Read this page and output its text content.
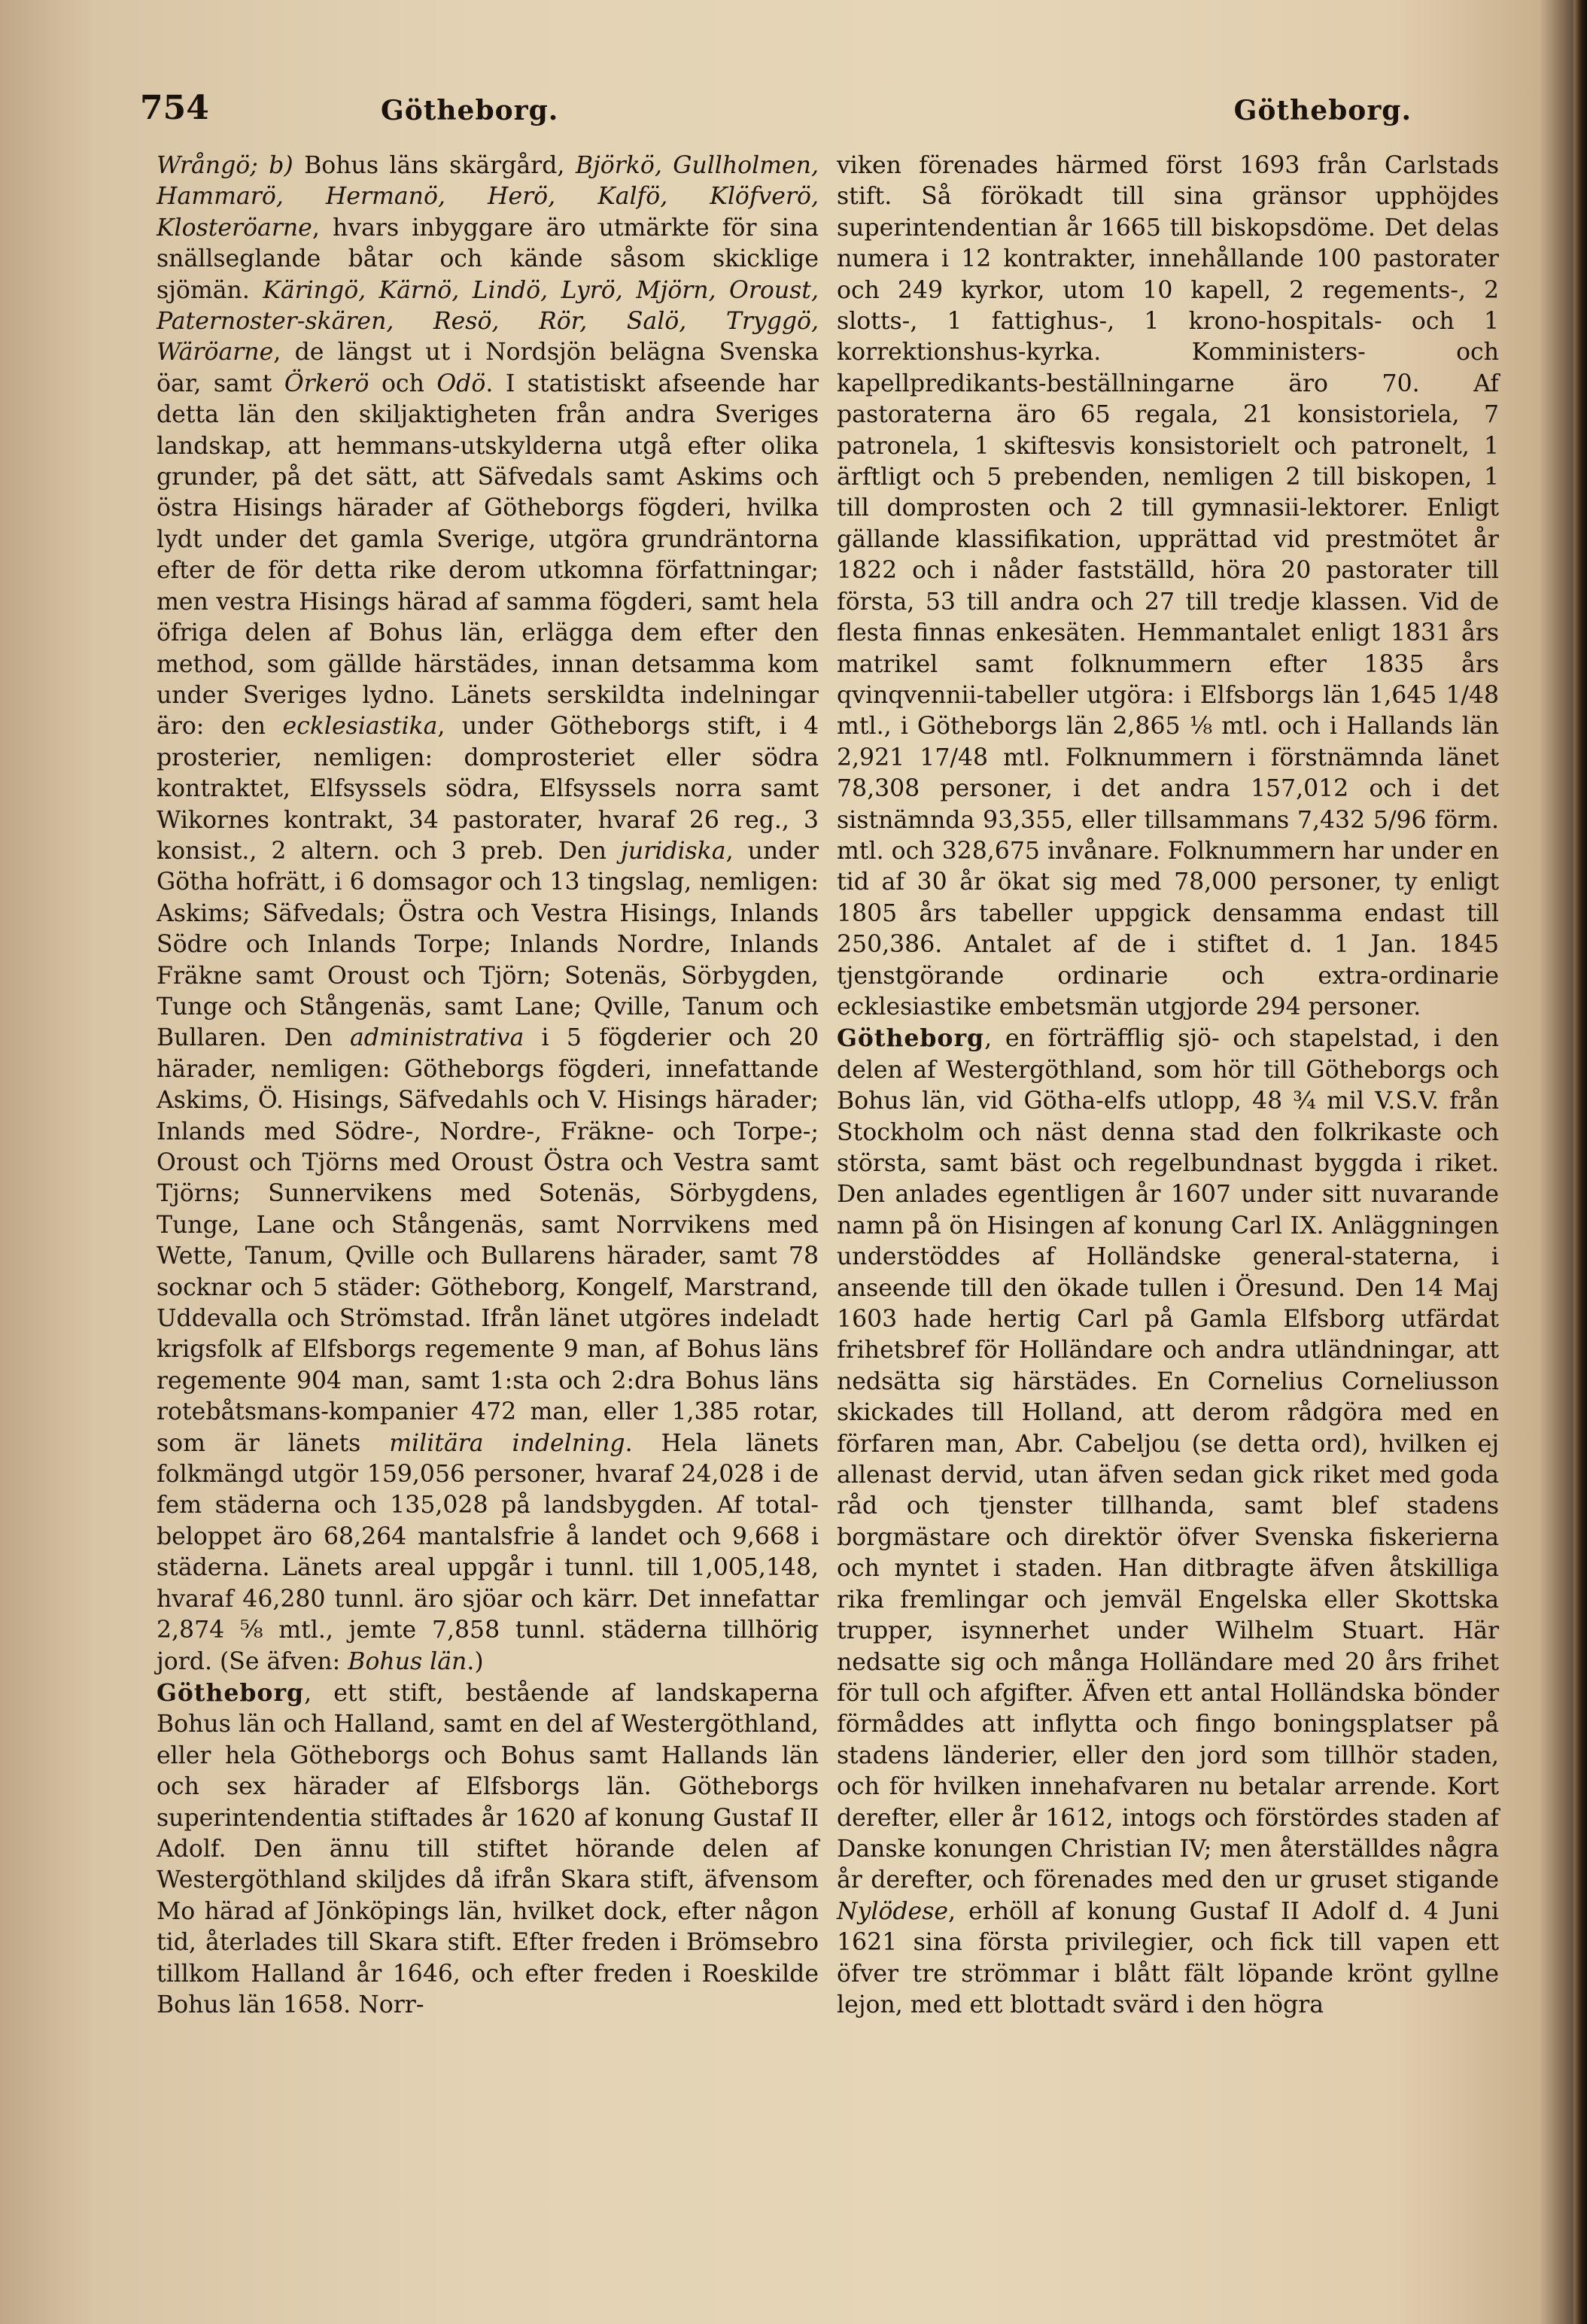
754	Götheborg.	Götheborg.

Wrångö; b) Bohus läns skärgård, Björkö, Gullholmen, Hammarö, Hermanö, Herö, Kalfö, Klöfverö, Klosteröarne, hvars inbyggare äro utmärkte för sina snällseglande båtar och kände såsom skicklige sjömän. Käringö, Kärnö, Lindö, Lyrö, Mjörn, Oroust, Paternoster-skären, Resö, Rör, Salö, Tryggö, Wäröarne, de längst ut i Nordsjön belägna Svenska öar, samt Örkerö och Odö. I statistiskt afseende har detta län den skiljaktigheten från andra Sveriges landskap, att hemmans-utskylderna utgå efter olika grunder, på det sätt, att Säfvedals samt Askims och östra Hisings härader af Götheborgs fögderi, hvilka lydt under det gamla Sverige, utgöra grundräntorna efter de för detta rike derom utkomna författningar; men vestra Hisings härad af samma fögderi, samt hela öfriga delen af Bohus län, erlägga dem efter den method, som gällde härstädes, innan detsamma kom under Sveriges lydno. Länets serskildta indelningar äro: den ecklesiastika, under Götheborgs stift, i 4 prosterier, nemligen: domprosteriet eller södra kontraktet, Elfsyssels södra, Elfsyssels norra samt Wikornes kontrakt, 34 pastorater, hvaraf 26 reg., 3 konsist., 2 altern. och 3 preb. Den juridiska, under Götha hofrätt, i 6 domsagor och 13 tingslag, nemligen: Askims; Säfvedals; Östra och Vestra Hisings, Inlands Södre och Inlands Torpe; Inlands Nordre, Inlands Fräkne samt Oroust och Tjörn; Sotenäs, Sörbygden, Tunge och Stångenäs, samt Lane; Qville, Tanum och Bullaren. Den administrativa i 5 fögderier och 20 härader, nemligen: Götheborgs fögderi, innefattande Askims, Ö. Hisings, Säfvedahls och V. Hisings härader; Inlands med Södre-, Nordre-, Fräkne- och Torpe-; Oroust och Tjörns med Oroust Östra och Vestra samt Tjörns; Sunnervikens med Sotenäs, Sörbygdens, Tunge, Lane och Stångenäs, samt Norrvikens med Wette, Tanum, Qville och Bullarens härader, samt 78 socknar och 5 städer: Götheborg, Kongelf, Marstrand, Uddevalla och Strömstad. Ifrån länet utgöres indeladt krigsfolk af Elfsborgs regemente 9 man, af Bohus läns regemente 904 man, samt 1:sta och 2:dra Bohus läns rotebåtsmans-kompanier 472 man, eller 1,385 rotar, som är länets militära indelning. Hela länets folkmängd utgör 159,056 personer, hvaraf 24,028 i de fem städerna och 135,028 på landsbygden. Af total-beloppet äro 68,264 mantalsfrie å landet och 9,668 i städerna. Länets areal uppgår i tunnl. till 1,005,148, hvaraf 46,280 tunnl. äro sjöar och kärr. Det innefattar 2,874 ⅝ mtl., jemte 7,858 tunnl. städerna tillhörig jord. (Se äfven: Bohus län.)

Götheborg, ett stift, bestående af landskaperna Bohus län och Halland, samt en del af Westergöthland, eller hela Götheborgs och Bohus samt Hallands län och sex härader af Elfsborgs län. Götheborgs superintendentia stiftades år 1620 af konung Gustaf II Adolf. Den ännu till stiftet hörande delen af Westergöthland skiljdes då ifrån Skara stift, äfvensom Mo härad af Jönköpings län, hvilket dock, efter någon tid, återlades till Skara stift. Efter freden i Brömsebro tillkom Halland år 1646, och efter freden i Roeskilde Bohus län 1658. Norr-

viken förenades härmed först 1693 från Carlstads stift. Så förökadt till sina gränsor upphöjdes superintendentian år 1665 till biskopsdöme. Det delas numera i 12 kontrakter, innehållande 100 pastorater och 249 kyrkor, utom 10 kapell, 2 regements-, 2 slotts-, 1 fattighus-, 1 krono-hospitals- och 1 korrektionshus-kyrka. Komministers- och kapellpredikants-beställningarne äro 70. Af pastoraterna äro 65 regala, 21 konsistoriela, 7 patronela, 1 skiftesvis konsistorielt och patronelt, 1 ärftligt och 5 prebenden, nemligen 2 till biskopen, 1 till domprosten och 2 till gymnasii-lektorer. Enligt gällande klassifikation, upprättad vid prestmötet år 1822 och i nåder fastställd, höra 20 pastorater till första, 53 till andra och 27 till tredje klassen. Vid de flesta finnas enkesäten. Hemmantalet enligt 1831 års matrikel samt folknummern efter 1835 års qvinqvennii-tabeller utgöra: i Elfsborgs län 1,645 1/48 mtl., i Götheborgs län 2,865 ⅛ mtl. och i Hallands län 2,921 17/48 mtl. Folknummern i förstnämnda länet 78,308 personer, i det andra 157,012 och i det sistnämnda 93,355, eller tillsammans 7,432 5/96 förm. mtl. och 328,675 invånare. Folknummern har under en tid af 30 år ökat sig med 78,000 personer, ty enligt 1805 års tabeller uppgick densamma endast till 250,386. Antalet af de i stiftet d. 1 Jan. 1845 tjenstgörande ordinarie och extra-ordinarie ecklesiastike embetsmän utgjorde 294 personer.

Götheborg, en förträfflig sjö- och stapelstad, i den delen af Westergöthland, som hör till Götheborgs och Bohus län, vid Götha-elfs utlopp, 48 ¾ mil V.S.V. från Stockholm och näst denna stad den folkrikaste och största, samt bäst och regelbundnast byggda i riket. Den anlades egentligen år 1607 under sitt nuvarande namn på ön Hisingen af konung Carl IX. Anläggningen understöddes af Holländske general-staterna, i anseende till den ökade tullen i Öresund. Den 14 Maj 1603 hade hertig Carl på Gamla Elfsborg utfärdat frihetsbref för Holländare och andra utländningar, att nedsätta sig härstädes. En Cornelius Corneliusson skickades till Holland, att derom rådgöra med en förfaren man, Abr. Cabeljou (se detta ord), hvilken ej allenast dervid, utan äfven sedan gick riket med goda råd och tjenster tillhanda, samt blef stadens borgmästare och direktör öfver Svenska fiskerierna och myntet i staden. Han ditbragte äfven åtskilliga rika fremlingar och jemväl Engelska eller Skottska trupper, isynnerhet under Wilhelm Stuart. Här nedsatte sig och många Holländare med 20 års frihet för tull och afgifter. Äfven ett antal Holländska bönder förmåddes att inflytta och fingo boningsplatser på stadens länderier, eller den jord som tillhör staden, och för hvilken innehafvaren nu betalar arrende. Kort derefter, eller år 1612, intogs och förstördes staden af Danske konungen Christian IV; men återställdes några år derefter, och förenades med den ur gruset stigande Nylödese, erhöll af konung Gustaf II Adolf d. 4 Juni 1621 sina första privilegier, och fick till vapen ett öfver tre strömmar i blått fält löpande krönt gyllne lejon, med ett blottadt svärd i den högra
